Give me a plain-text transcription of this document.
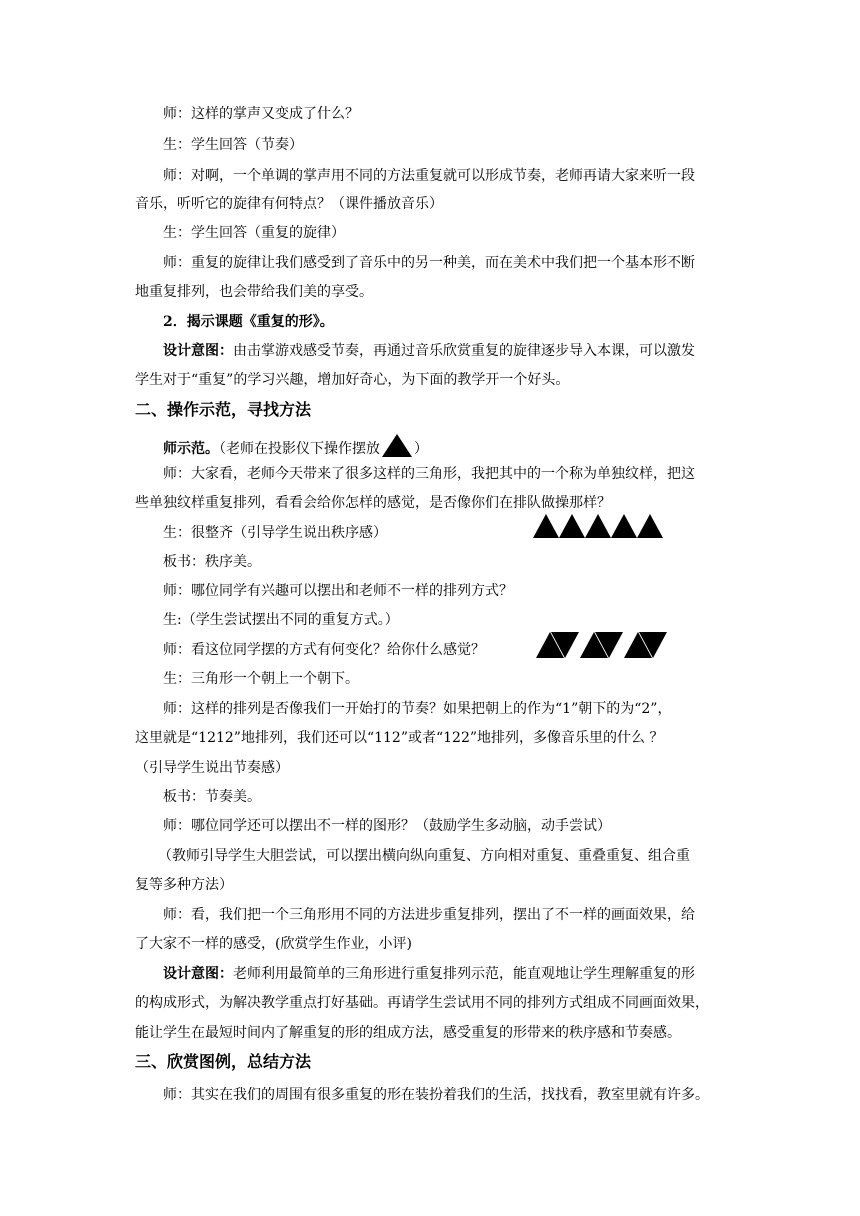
师：这样的掌声又变成了什么？
生：学生回答（节奏）
师：对啊，一个单调的掌声用不同的方法重复就可以形成节奏，老师再请大家来听一段
音乐，听听它的旋律有何特点？（课件播放音乐）
生：学生回答（重复的旋律）
师：重复的旋律让我们感受到了音乐中的另一种美，而在美术中我们把一个基本形不断
地重复排列，也会带给我们美的享受。
2．揭示课题《重复的形》。
设计意图：由击掌游戏感受节奏，再通过音乐欣赏重复的旋律逐步导入本课，可以激发
学生对于“重复”的学习兴趣，增加好奇心，为下面的教学开一个好头。
二、操作示范，寻找方法
师示范。（老师在投影仪下操作摆放 ）
师：大家看，老师今天带来了很多这样的三角形，我把其中的一个称为单独纹样，把这
些单独纹样重复排列，看看会给你怎样的感觉，是否像你们在排队做操那样？
生：很整齐（引导学生说出秩序感）
板书：秩序美。
师：哪位同学有兴趣可以摆出和老师不一样的排列方式？
生:（学生尝试摆出不同的重复方式。）
师：看这位同学摆的方式有何变化？给你什么感觉？
生：三角形一个朝上一个朝下。
师：这样的排列是否像我们一开始打的节奏？如果把朝上的作为“1”朝下的为“2”，
这里就是“1212”地排列，我们还可以“112”或者“122”地排列，多像音乐里的什么 ？
（引导学生说出节奏感）
板书：节奏美。
师：哪位同学还可以摆出不一样的图形？（鼓励学生多动脑，动手尝试）
（教师引导学生大胆尝试，可以摆出横向纵向重复、方向相对重复、重叠重复、组合重
复等多种方法）
师：看，我们把一个三角形用不同的方法进步重复排列，摆出了不一样的画面效果，给
了大家不一样的感受，(欣赏学生作业，小评)
设计意图：老师利用最简单的三角形进行重复排列示范，能直观地让学生理解重复的形
的构成形式，为解决教学重点打好基础。再请学生尝试用不同的排列方式组成不同画面效果，
能让学生在最短时间内了解重复的形的组成方法，感受重复的形带来的秩序感和节奏感。
三、欣赏图例，总结方法
师：其实在我们的周围有很多重复的形在装扮着我们的生活，找找看，教室里就有许多。
